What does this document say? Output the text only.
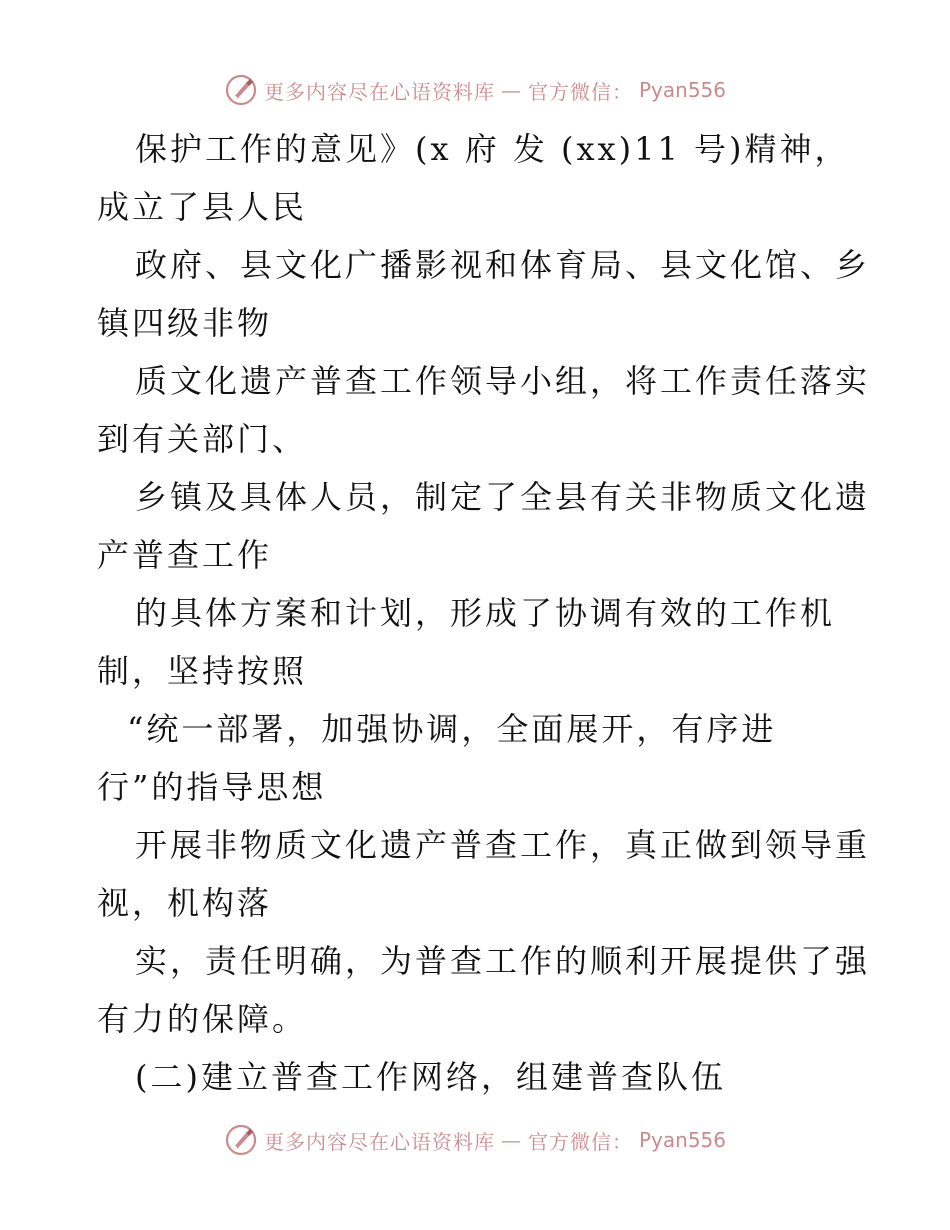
更多内容尽在心语资料库 — 官方微信： Pyan556
保护工作的意见》(x 府 发 (xx)11 号)精神，
成立了县人民
政府、县文化广播影视和体育局、县文化馆、乡
镇四级非物
质文化遗产普查工作领导小组，将工作责任落实
到有关部门、
乡镇及具体人员，制定了全县有关非物质文化遗
产普查工作
的具体方案和计划，形成了协调有效的工作机
制，坚持按照
“统一部署，加强协调，全面展开，有序进
行”的指导思想
开展非物质文化遗产普查工作，真正做到领导重
视，机构落
实，责任明确，为普查工作的顺利开展提供了强
有力的保障。
(二)建立普查工作网络，组建普查队伍
更多内容尽在心语资料库 — 官方微信： Pyan556
